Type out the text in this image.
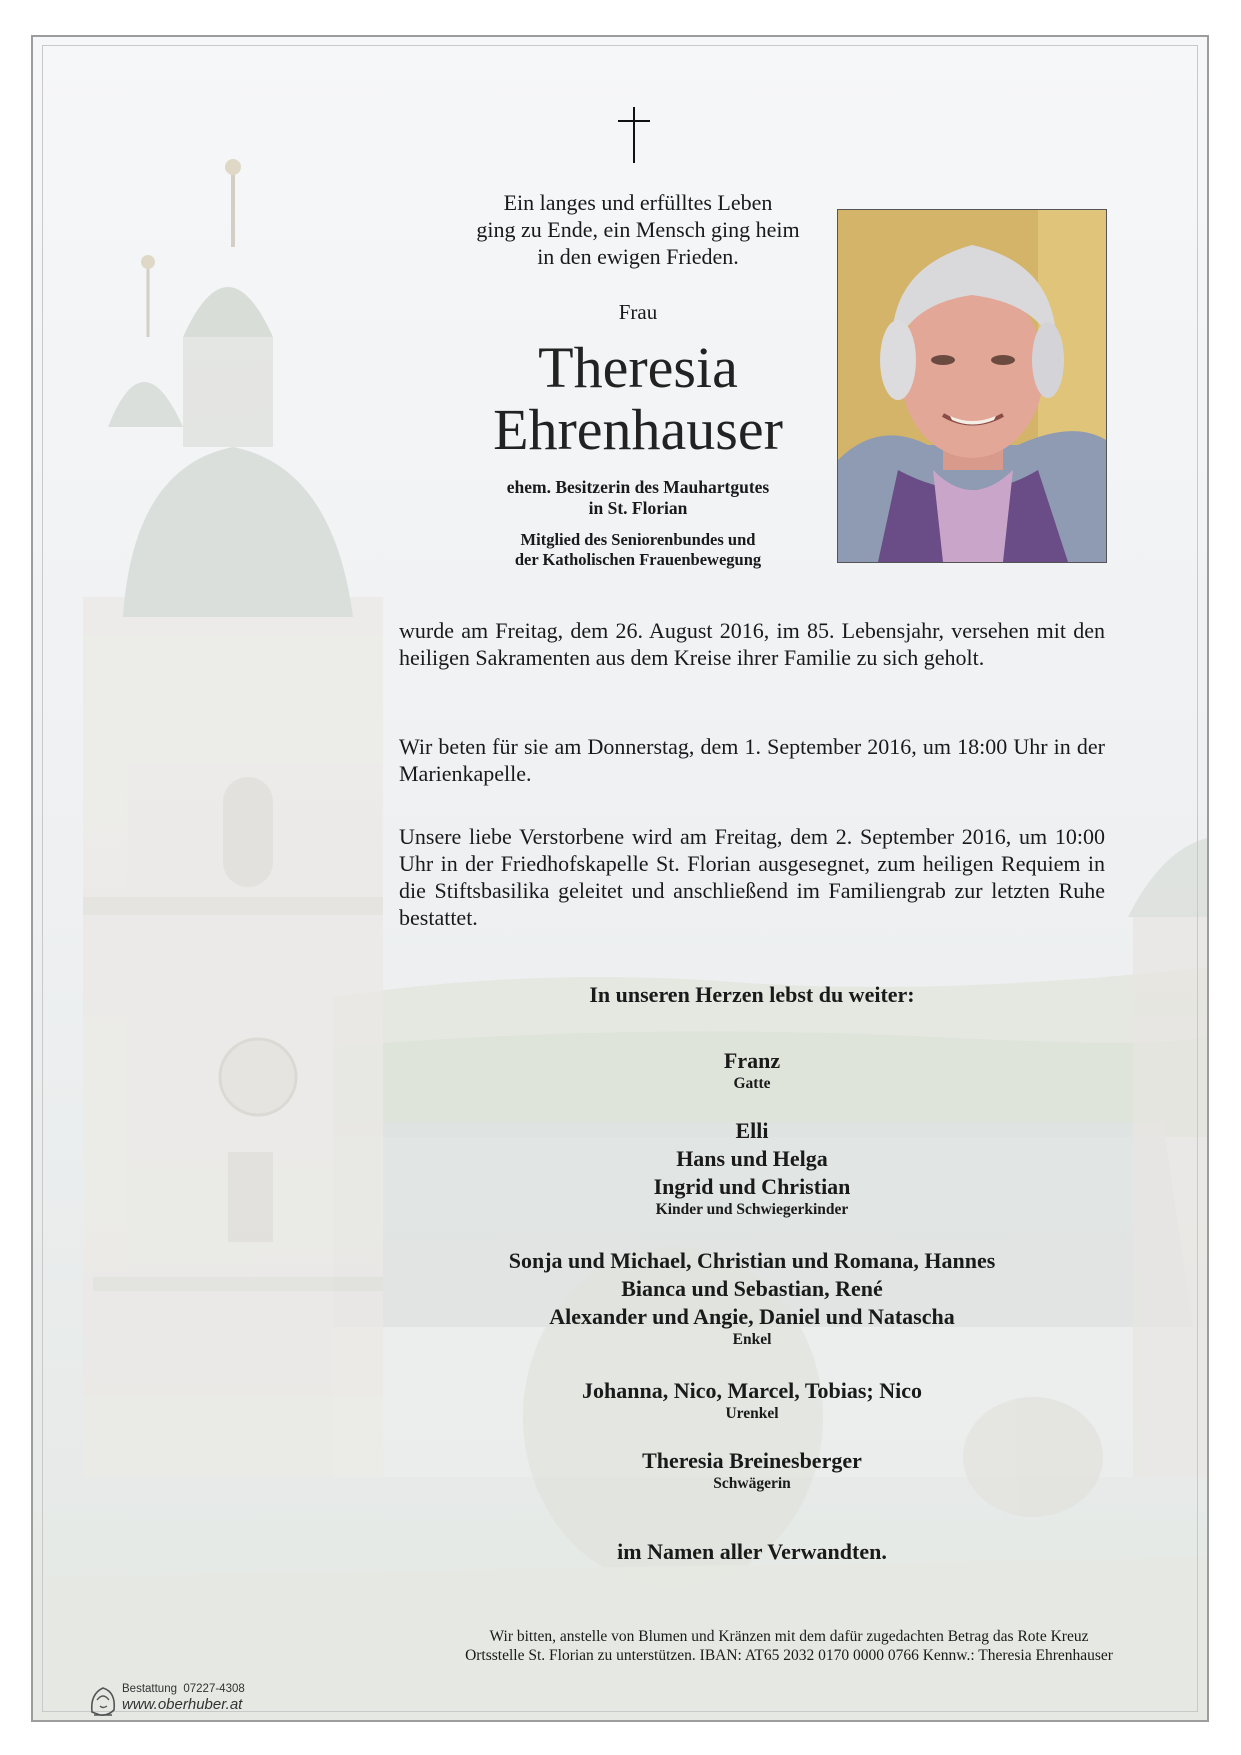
Ein langes und erfülltes Leben
ging zu Ende, ein Mensch ging heim
in den ewigen Frieden.
Frau
Theresia
Ehrenhauser
ehem. Besitzerin des Mauhartgutes
in St. Florian
Mitglied des Seniorenbundes und
der Katholischen Frauenbewegung
wurde am Freitag, dem 26. August 2016, im 85. Lebensjahr, versehen mit den heiligen Sakramenten aus dem Kreise ihrer Familie zu sich geholt.
Wir beten für sie am Donnerstag, dem 1. September 2016, um 18:00 Uhr in der Marienkapelle.
Unsere liebe Verstorbene wird am Freitag, dem 2. September 2016, um 10:00 Uhr in der Friedhofskapelle St. Florian ausgesegnet, zum heiligen Requiem in die Stiftsbasilika geleitet und anschließend im Familiengrab zur letzten Ruhe bestattet.
In unseren Herzen lebst du weiter:
Franz
Gatte
Elli
Hans und Helga
Ingrid und Christian
Kinder und Schwiegerkinder
Sonja und Michael, Christian und Romana, Hannes
Bianca und Sebastian, René
Alexander und Angie, Daniel und Natascha
Enkel
Johanna, Nico, Marcel, Tobias; Nico
Urenkel
Theresia Breinesberger
Schwägerin
im Namen aller Verwandten.
Wir bitten, anstelle von Blumen und Kränzen mit dem dafür zugedachten Betrag das Rote Kreuz
Ortsstelle St. Florian zu unterstützen. IBAN: AT65 2032 0170 0000 0766 Kennw.: Theresia Ehrenhauser
Bestattung 07227-4308
www.oberhuber.at
